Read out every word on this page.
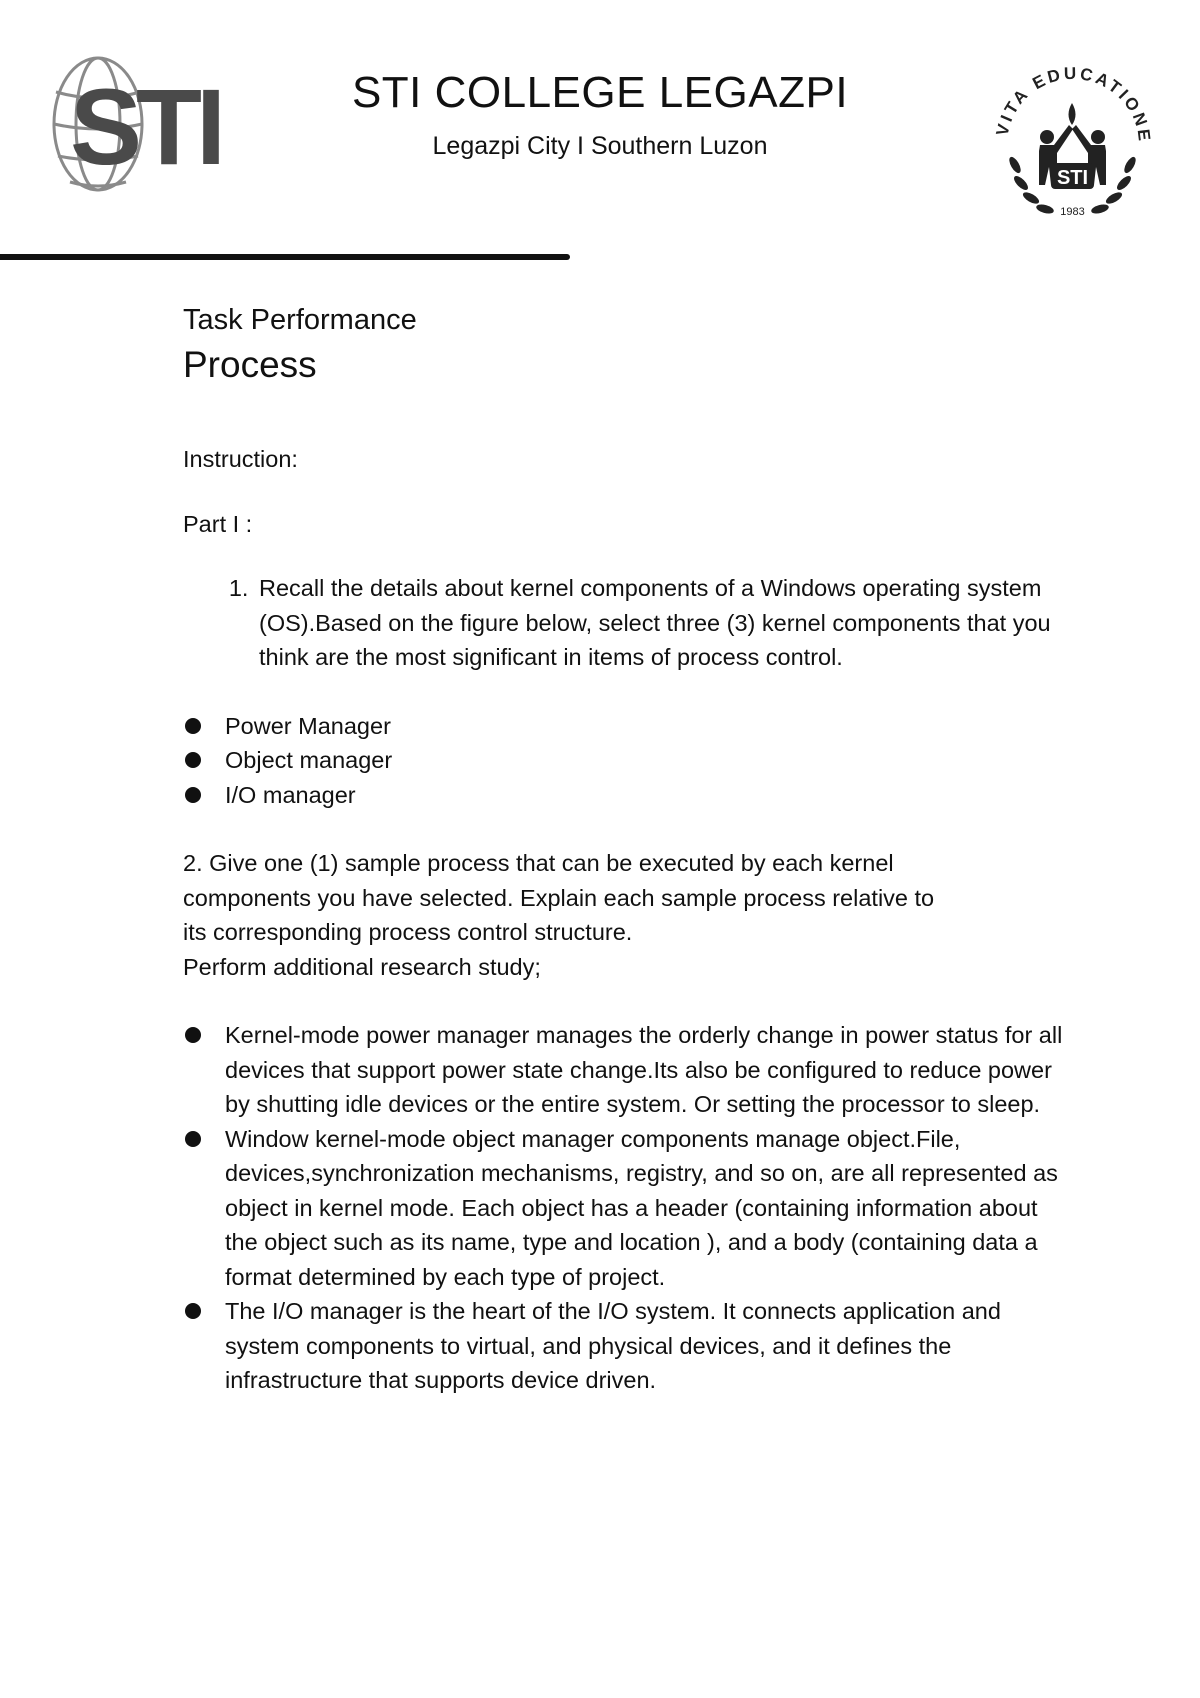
STI	STI COLLEGE LEGAZPI
Legazpi City I Southern Luzon
VITA EDUCATIONE
STI
1983

Task Performance

Process

Instruction:

Part I :

1. Recall the details about kernel components of a Windows operating system (OS).Based on the figure below, select three (3) kernel components that you think are the most significant in items of process control.
Power Manager
Object manager
I/O manager

2. Give one (1) sample process that can be executed by each kernel

components you have selected. Explain each sample process relative to

its corresponding process control structure.

Perform additional research study;

Kernel-mode power manager manages the orderly change in power status for all devices that support power state change.Its also be configured to reduce power by shutting idle devices or the entire system. Or setting the processor to sleep.
Window kernel-mode object manager components manage object.File, devices,synchronization mechanisms, registry, and so on, are all represented as object in kernel mode. Each object has a header (containing information about the object such as its name, type and location ), and a body (containing data a format determined by each type of project.
The I/O manager is the heart of the I/O system. It connects application and system components to virtual, and physical devices, and it defines the infrastructure that supports device driven.
